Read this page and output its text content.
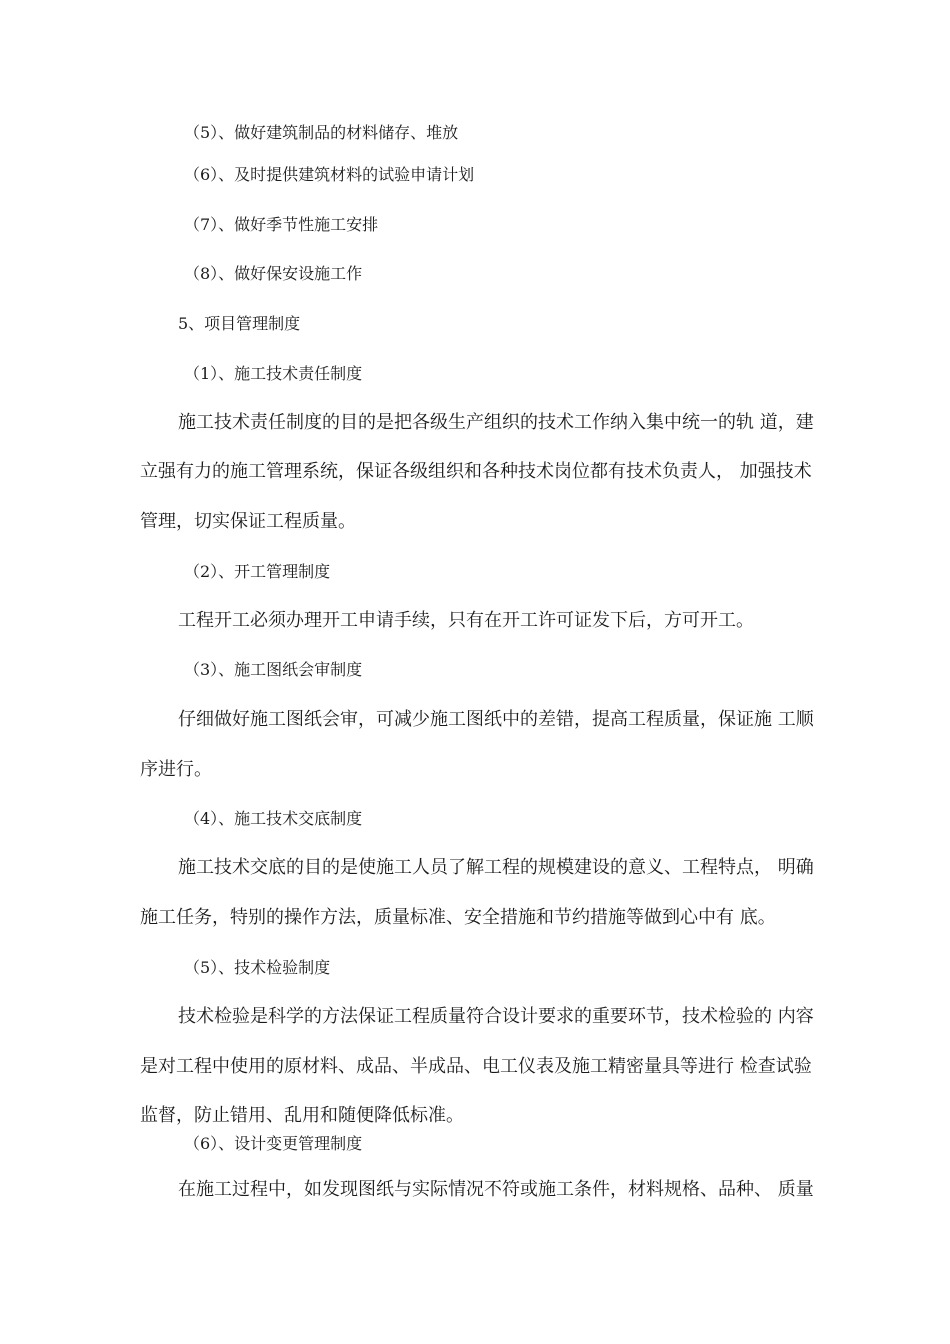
（5）、做好建筑制品的材料储存、堆放
（6）、及时提供建筑材料的试验申请计划
（7）、做好季节性施工安排
（8）、做好保安设施工作
5、项目管理制度
（1）、施工技术责任制度
施工技术责任制度的目的是把各级生产组织的技术工作纳入集中统一的轨 道，建
立强有力的施工管理系统，保证各级组织和各种技术岗位都有技术负责人， 加强技术
管理，切实保证工程质量。
（2）、开工管理制度
工程开工必须办理开工申请手续，只有在开工许可证发下后，方可开工。
（3）、施工图纸会审制度
仔细做好施工图纸会审，可减少施工图纸中的差错，提高工程质量，保证施 工顺
序进行。
（4）、施工技术交底制度
施工技术交底的目的是使施工人员了解工程的规模建设的意义、工程特点， 明确
施工任务，特别的操作方法，质量标准、安全措施和节约措施等做到心中有 底。
（5）、技术检验制度
技术检验是科学的方法保证工程质量符合设计要求的重要环节，技术检验的 内容
是对工程中使用的原材料、成品、半成品、电工仪表及施工精密量具等进行 检查试验
监督，防止错用、乱用和随便降低标准。
（6）、设计变更管理制度
在施工过程中，如发现图纸与实际情况不符或施工条件，材料规格、品种、 质量
